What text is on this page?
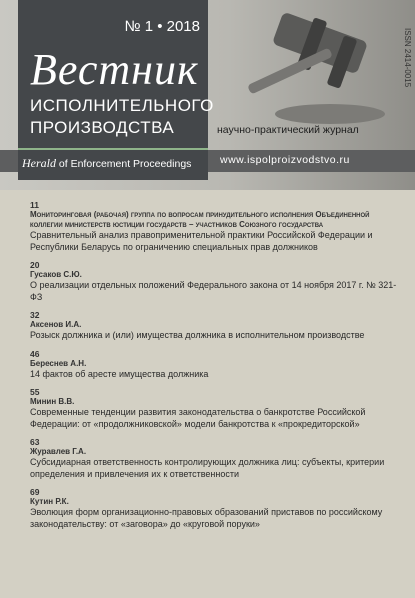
№ 1 • 2018
Вестник
ИСПОЛНИТЕЛЬНОГО
ПРОИЗВОДСТВА
Herald of Enforcement Proceedings
научно-практический журнал
www.ispolproizvodstvo.ru
ISSN 2414-0015
11
Мониторинговая (рабочая) группа по вопросам принудительного исполнения Объединенной коллегии министерств юстиции государств – участников Союзного государства
Сравнительный анализ правоприменительной практики Российской Федерации и Республики Беларусь по ограничению специальных прав должников
20
Гусаков С.Ю.
О реализации отдельных положений Федерального закона от 14 ноября 2017 г. № 321-ФЗ
32
Аксенов И.А.
Розыск должника и (или) имущества должника в исполнительном производстве
46
Береснев А.Н.
14 фактов об аресте имущества должника
55
Минин В.В.
Современные тенденции развития законодательства о банкротстве Российской Федерации: от «продолжниковской» модели банкротства к «прокредиторской»
63
Журавлев Г.А.
Субсидиарная ответственность контролирующих должника лиц: субъекты, критерии определения и привлечения их к ответственности
69
Кутин Р.К.
Эволюция форм организационно-правовых образований приставов по российскому законодательству: от «заговора» до «круговой поруки»
